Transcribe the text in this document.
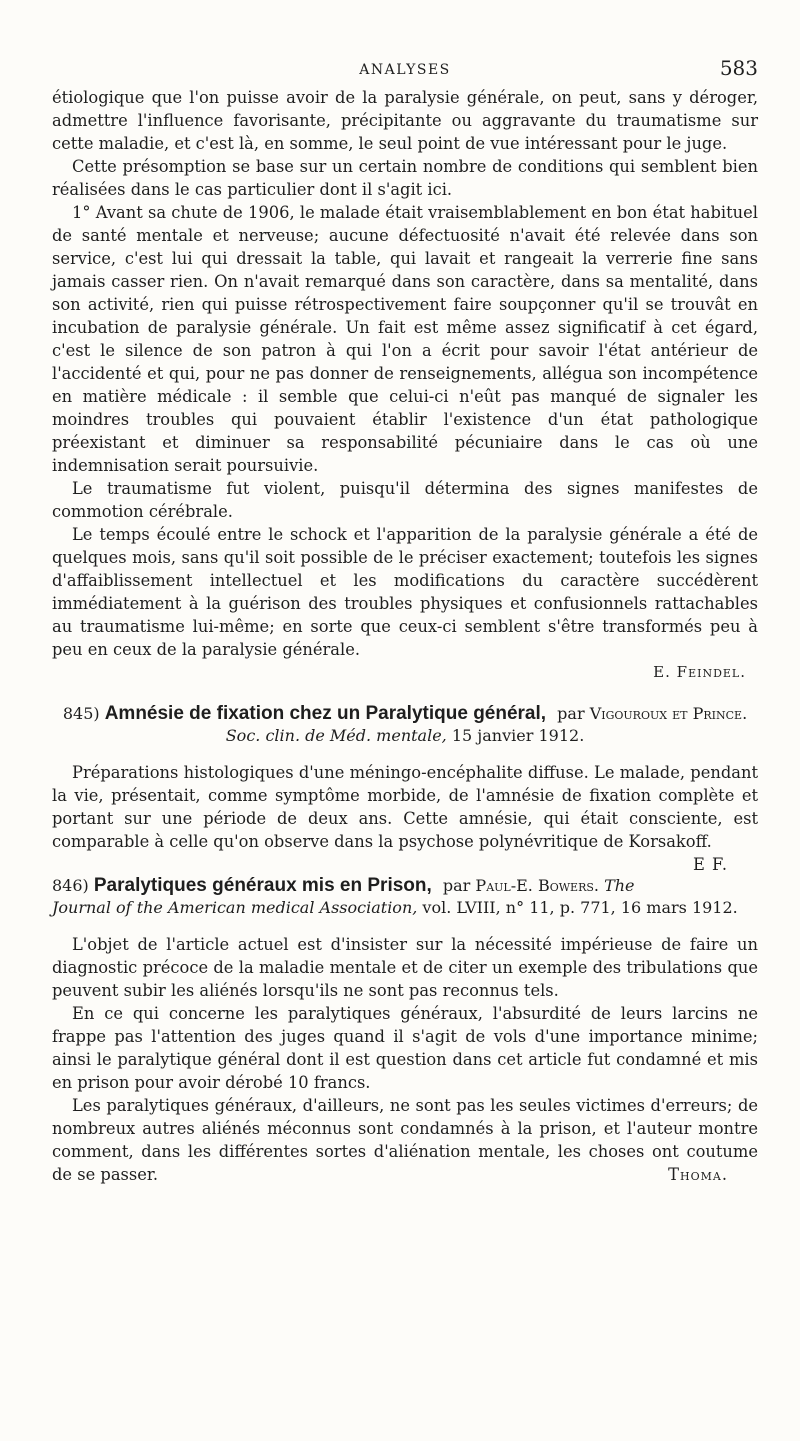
ANALYSES	583

étiologique que l'on puisse avoir de la paralysie générale, on peut, sans y déroger, admettre l'influence favorisante, précipitante ou aggravante du traumatisme sur cette maladie, et c'est là, en somme, le seul point de vue intéressant pour le juge.

Cette présomption se base sur un certain nombre de conditions qui semblent bien réalisées dans le cas particulier dont il s'agit ici.

1° Avant sa chute de 1906, le malade était vraisemblablement en bon état habituel de santé mentale et nerveuse; aucune défectuosité n'avait été relevée dans son service, c'est lui qui dressait la table, qui lavait et rangeait la verrerie fine sans jamais casser rien. On n'avait remarqué dans son caractère, dans sa mentalité, dans son activité, rien qui puisse rétrospectivement faire soupçonner qu'il se trouvât en incubation de paralysie générale. Un fait est même assez significatif à cet égard, c'est le silence de son patron à qui l'on a écrit pour savoir l'état antérieur de l'accidenté et qui, pour ne pas donner de renseignements, allégua son incompétence en matière médicale : il semble que celui-ci n'eût pas manqué de signaler les moindres troubles qui pouvaient établir l'existence d'un état pathologique préexistant et diminuer sa responsabilité pécuniaire dans le cas où une indemnisation serait poursuivie.

Le traumatisme fut violent, puisqu'il détermina des signes manifestes de commotion cérébrale.

Le temps écoulé entre le schock et l'apparition de la paralysie générale a été de quelques mois, sans qu'il soit possible de le préciser exactement; toutefois les signes d'affaiblissement intellectuel et les modifications du caractère succédèrent immédiatement à la guérison des troubles physiques et confusionnels rattachables au traumatisme lui-même; en sorte que ceux-ci semblent s'être transformés peu à peu en ceux de la paralysie générale.

E. Feindel.
845) Amnésie de fixation chez un Paralytique général, par Vigouroux et Prince. Soc. clin. de Méd. mentale, 15 janvier 1912.

Préparations histologiques d'une méningo-encéphalite diffuse. Le malade, pendant la vie, présentait, comme symptôme morbide, de l'amnésie de fixation complète et portant sur une période de deux ans. Cette amnésie, qui était consciente, est comparable à celle qu'on observe dans la psychose polynévritique de Korsakoff.
E F.

846) Paralytiques généraux mis en Prison, par Paul-E. Bowers. The Journal of the American medical Association, vol. LVIII, n° 11, p. 771, 16 mars 1912.

L'objet de l'article actuel est d'insister sur la nécessité impérieuse de faire un diagnostic précoce de la maladie mentale et de citer un exemple des tribulations que peuvent subir les aliénés lorsqu'ils ne sont pas reconnus tels.

En ce qui concerne les paralytiques généraux, l'absurdité de leurs larcins ne frappe pas l'attention des juges quand il s'agit de vols d'une importance minime; ainsi le paralytique général dont il est question dans cet article fut condamné et mis en prison pour avoir dérobé 10 francs.

Les paralytiques généraux, d'ailleurs, ne sont pas les seules victimes d'erreurs; de nombreux autres aliénés méconnus sont condamnés à la prison, et l'auteur montre comment, dans les différentes sortes d'aliénation mentale, les choses ont coutume de se passer.	Thoma.
